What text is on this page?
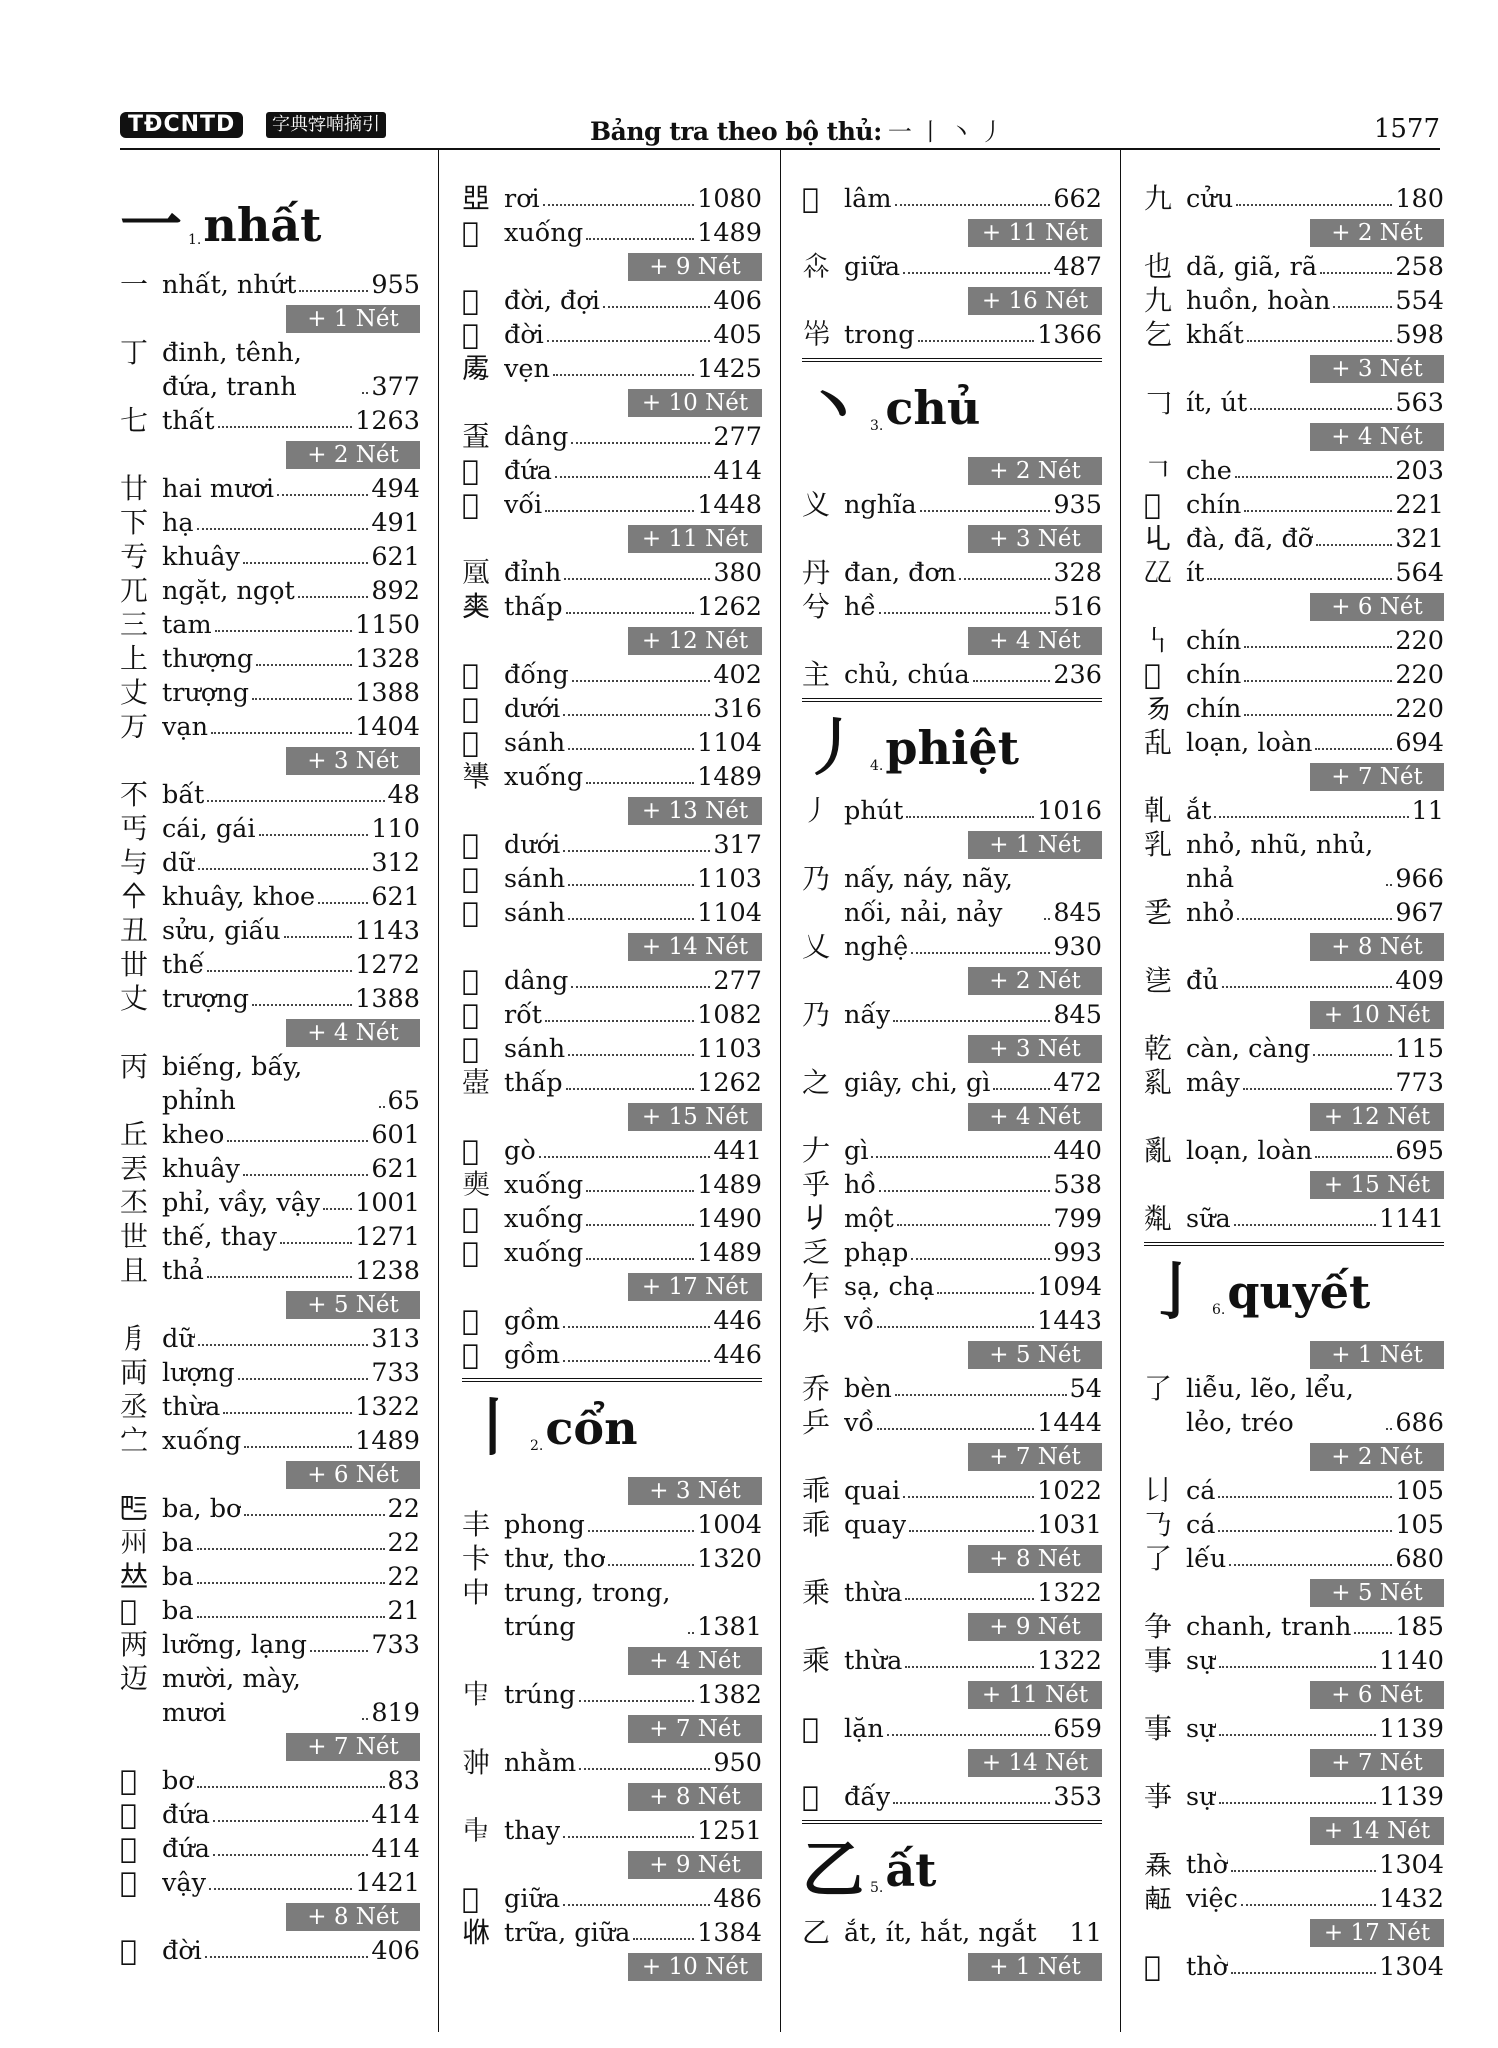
TĐCNTD	字典𡨸喃摘引	Bảng tra theo bộ thủ: 一 丨 丶 丿	1577
一 1. nhất
一 nhất, nhứt	955
+ 1 Nét
丁 đinh, tênh, đứa, tranh	377
七 thất	1263
+ 2 Nét
廿 hai mươi	494
下 hạ	491
亐 khuây	621
兀 ngặt, ngọt	892
三 tam	1150
上 thượng	1328
丈 trượng	1388
万 vạn	1404
+ 3 Nét
不 bất	48
丐 cái, gái	110
与 dữ	312
㐃 khuây, khoe 621
丑 sửu, giấu	1143
丗 thế	1272
丈 trượng	1388
+ 4 Nét
丙 biếng, bấy, phỉnh	65
丘 kheo	601
丟 khuây	621
丕 phỉ, vầy, vậy 1001
世 thế, thay	1271
且 thả	1238
+ 5 Nét
㐆 dữ	313
両 lượng	733
丞 thừa	1322
㝉 xuống	1489
+ 6 Nét
𠀧 ba, bơ	22
𠀦 ba	22
𠀤 ba	22
𠀥 ba	21
两 lưỡng, lạng	733
迈 mười, mày, mươi	819
+ 7 Nét
𠀲 bơ	83
𠀳 đứa	414
𠀴 đứa	414
𠀵 vậy	1421
+ 8 Nét
𠁀 đời	406
𠁁 rơi	1080
𠁂 xuống	1489
+ 9 Nét
𠁃 đời, đợi	406
𠁄 đời	405
𠁅 vẹn	1425
+ 10 Nét
𠁆 dâng	277
𠁇 đứa	414
𠁈 vối	1448
+ 11 Nét
𠁉 đỉnh	380
𠁊 thấp	1262
+ 12 Nét
𠁋 đống	402
𠁌 dưới	316
𠁍 sánh	1104
𠁎 xuống	1489
+ 13 Nét
𠁏 dưới	317
𠁐 sánh	1103
𠁑 sánh	1104
+ 14 Nét
𠁒 dâng	277
𠁓 rốt	1082
𠁔 sánh	1103
𠁕 thấp	1262
+ 15 Nét
𠁖 gò	441
𠁗 xuống	1489
𠁘 xuống	1490
𠁙 xuống	1489
+ 17 Nét
𠁚 gồm	446
𠁛 gồm	446
丨 2. cổn
+ 3 Nét
丰 phong	1004
卡 thư, thơ	1320
中 trung, trong, trúng	1381
+ 4 Nét
𠁦 trúng	1382
+ 7 Nét
𠁨 nhằm	950
+ 8 Nét
𠁩 thay	1251
+ 9 Nét
𠁪 giữa	486
𠁫 trữa, giữa	1384
+ 10 Nét
𠁬 lâm	662
+ 11 Nét
𠁭 giữa	487
+ 16 Nét
𠁮 trong	1366
丶 3. chủ
+ 2 Nét
义 nghĩa	935
+ 3 Nét
丹 đan, đơn	328
兮 hề	516
+ 4 Nét
主 chủ, chúa	236
丿 4. phiệt
丿 phút	1016
+ 1 Nét
乃 nấy, náy, nãy, nối, nải, nảy	845
乂 nghệ	930
+ 2 Nét
乃 nấy	845
+ 3 Nét
之 giây, chi, gì 472
+ 4 Nét
𠂇 gì	440
乎 hồ	538
𠂈 một	799
乏 phạp	993
乍 sạ, chạ	1094
乐 vồ	1443
+ 5 Nét
乔 bèn	54
乒 vồ	1444
+ 7 Nét
乖 quai	1022
乖 quay	1031
+ 8 Nét
乗 thừa	1322
+ 9 Nét
乘 thừa	1322
+ 11 Nét
𠂩 lặn	659
+ 14 Nét
𠂪 đấy	353
乙 5. ất
乙 ắt, ít, hắt, ngắt 11
+ 1 Nét
九 cửu	180
+ 2 Nét
也 dã, giã, rã	258
九 huồn, hoàn	554
乞 khất	598
+ 3 Nét
𠃌 ít, út	563
+ 4 Nét
𠃍 che	203
𠃎 chín	221
𠃏 đà, đã, đỡ	321
𠃐 ít	564
+ 6 Nét
𠃑 chín	220
𠃒 chín	220
𠃓 chín	220
乱 loạn, loàn	694
+ 7 Nét
乹 ắt	11
乳 nhỏ, nhũ, nhủ, nhả	966
乯 nhỏ	967
+ 8 Nét
乼 đủ	409
+ 10 Nét
乾 càn, càng	115
乿 mây	773
+ 12 Nét
亂 loạn, loàn	695
+ 15 Nét
亃 sữa	1141
亅 6. quyết
+ 1 Nét
了 liễu, lẽo, lểu, lẻo, tréo	686
+ 2 Nét
𠄍 cá	105
𠄎 cá	105
了 lếu	680
+ 5 Nét
争 chanh, tranh 185
事 sự	1140
+ 6 Nét
事 sự	1139
+ 7 Nét
亊 sự	1139
+ 14 Nét
𠄻 thờ	1304
𠄼 việc	1432
+ 17 Nét
𠄽 thờ	1304
